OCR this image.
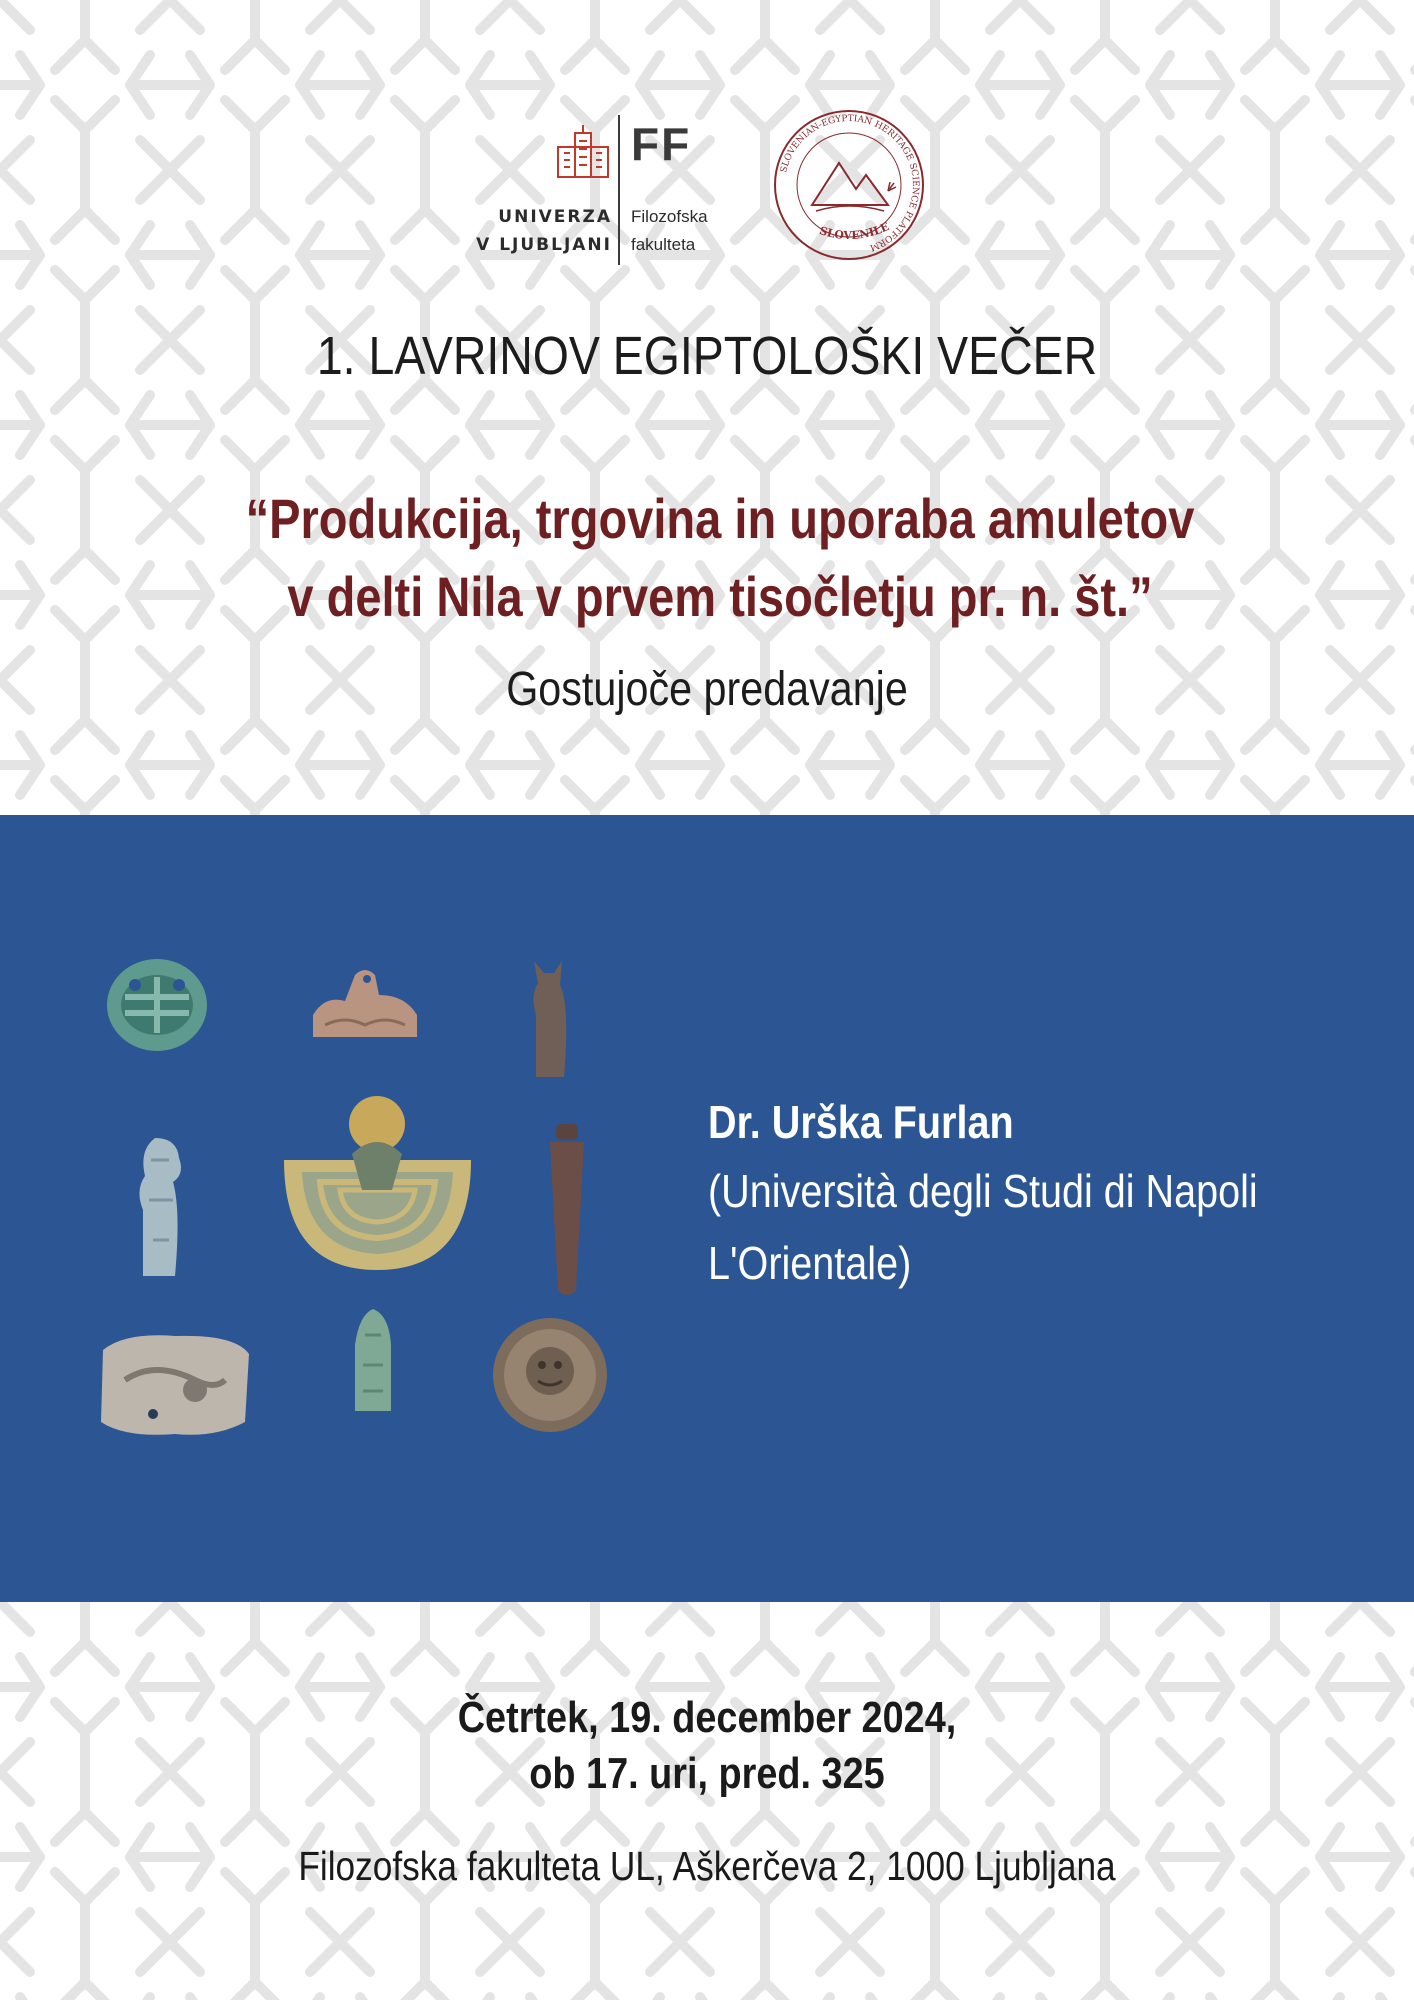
FF
UNIVERZA
V LJUBLJANI
Filozofska
fakulteta
SLOVENIAN-EGYPTIAN HERITAGE SCIENCE PLATFORM
SLOVENILE
1. LAVRINOV EGIPTOLOŠKI VEČER
“Produkcija, trgovina in uporaba amuletov
v delti Nila v prvem tisočletju pr. n. št.”
Gostujoče predavanje
Dr. Urška Furlan
(Università degli Studi di Napoli
L'Orientale)
Četrtek, 19. december 2024,
ob 17. uri, pred. 325
Filozofska fakulteta UL, Aškerčeva 2, 1000 Ljubljana
